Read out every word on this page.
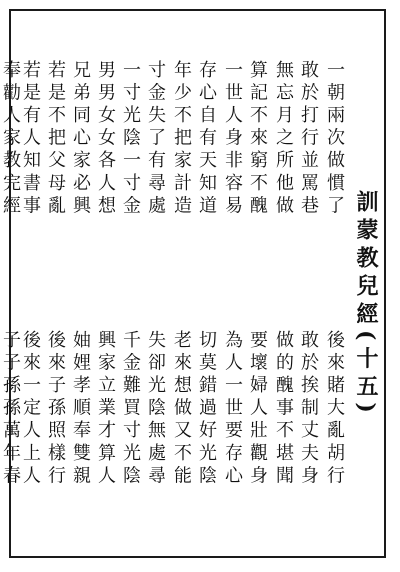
訓蒙教兒經(十五)
一朝兩次做慣了
後來賭大亂胡行
敢於打行並罵巷
敢於挨制丈夫身
無忘月之所他做
做的醜事不堪聞
算記不來窮不醜
要壞婦人壯觀身
一世人身非容易
為人一世要存心
存心自有天知道
切莫錯過好光陰
年少不把家計造
老來想做又不能
寸金失了有尋處
失卻光陰無處尋
一寸光陰一寸金
千金難買寸光陰
男男女女各人想
興家立業才算人
兄弟同心家必興
妯娌孝順奉雙親
若是不把父母亂
後來子孫照樣行
若是有人知書事
後來一定人上人
奉勸人家教完經
子子孫孫萬年春
